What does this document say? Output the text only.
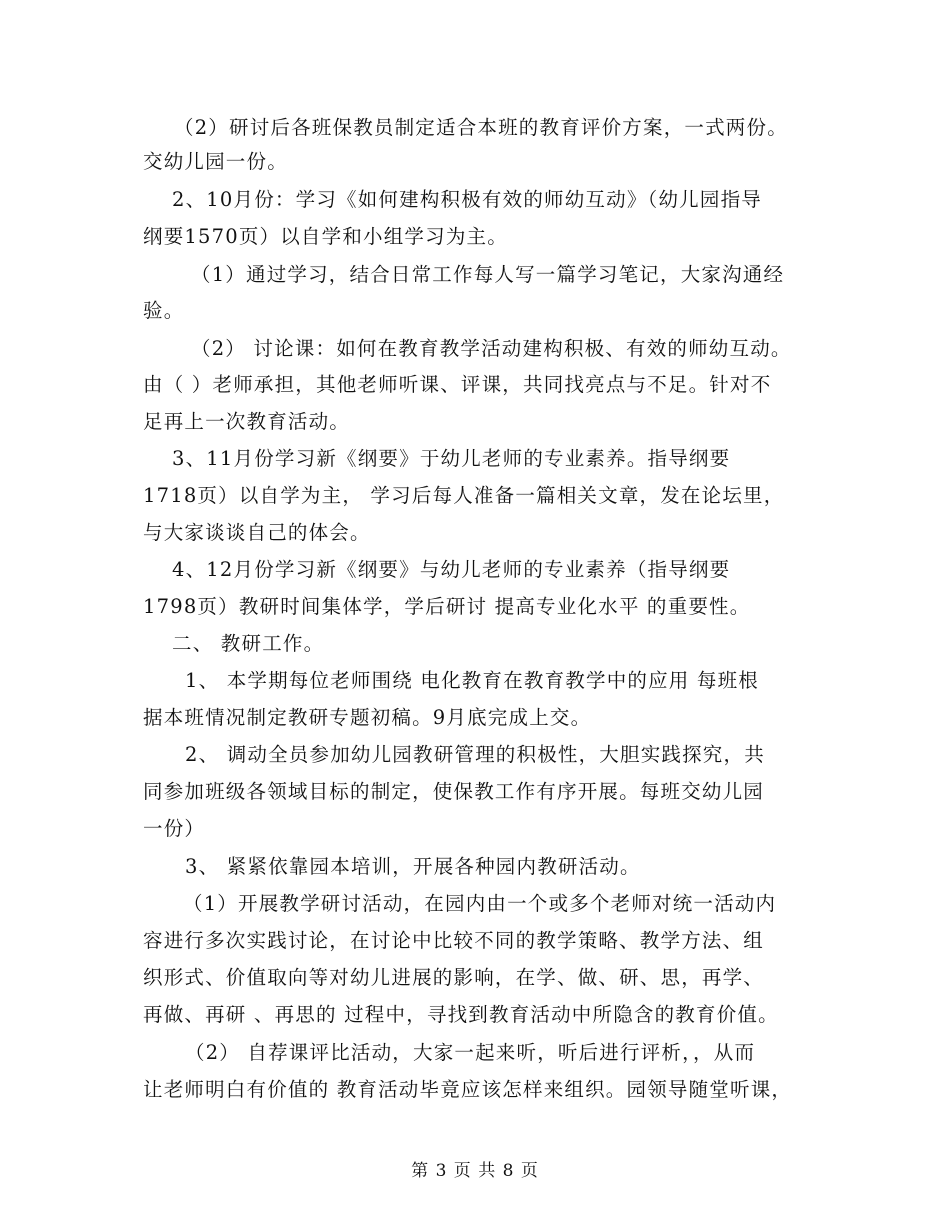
（2）研讨后各班保教员制定适合本班的教育评价方案，一式两份。
交幼儿园一份。
2、10月份：学习《如何建构积极有效的师幼互动》（幼儿园指导
纲要1570页）以自学和小组学习为主。
（1）通过学习，结合日常工作每人写一篇学习笔记，大家沟通经
验。
（2） 讨论课：如何在教育教学活动建构积极、有效的师幼互动。
由（ ）老师承担，其他老师听课、评课，共同找亮点与不足。针对不
足再上一次教育活动。
3、11月份学习新《纲要》于幼儿老师的专业素养。指导纲要
1718页）以自学为主， 学习后每人准备一篇相关文章，发在论坛里，
与大家谈谈自己的体会。
4、12月份学习新《纲要》与幼儿老师的专业素养（指导纲要
1798页）教研时间集体学，学后研讨 提高专业化水平 的重要性。
二、 教研工作。
1、 本学期每位老师围绕 电化教育在教育教学中的应用 每班根
据本班情况制定教研专题初稿。9月底完成上交。
2、 调动全员参加幼儿园教研管理的积极性，大胆实践探究，共
同参加班级各领域目标的制定，使保教工作有序开展。每班交幼儿园
一份）
3、 紧紧依靠园本培训，开展各种园内教研活动。
（1）开展教学研讨活动，在园内由一个或多个老师对统一活动内
容进行多次实践讨论，在讨论中比较不同的教学策略、教学方法、组
织形式、价值取向等对幼儿进展的影响，在学、做、研、思，再学、
再做、再研 、再思的 过程中，寻找到教育活动中所隐含的教育价值。
（2） 自荐课评比活动，大家一起来听，听后进行评析，，从而
让老师明白有价值的 教育活动毕竟应该怎样来组织。园领导随堂听课，
第 3 页 共 8 页
